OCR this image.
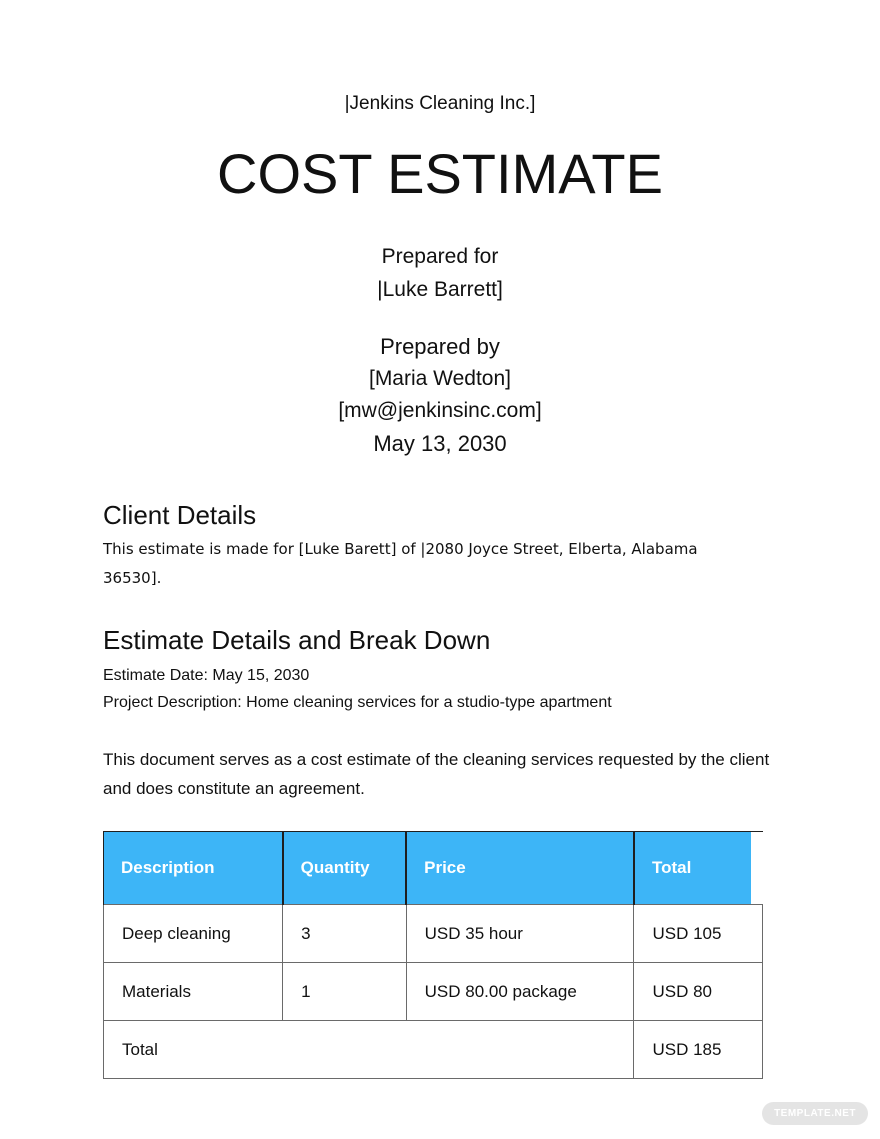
|Jenkins Cleaning Inc.]
COST ESTIMATE
Prepared for
|Luke Barrett]
Prepared by
[Maria Wedton]
[mw@jenkinsinc.com]
May 13, 2030
Client Details
This estimate is made for [Luke Barett] of |2080 Joyce Street, Elberta, Alabama 36530].
Estimate Details and Break Down
Estimate Date: May 15, 2030
Project Description: Home cleaning services for a studio-type apartment
This document serves as a cost estimate of the cleaning services requested by the client and does constitute an agreement.
Description	Quantity	Price	Total
Deep cleaning	3	USD 35 hour	USD 105
Materials	1	USD 80.00 package	USD 80
Total			USD 185
TEMPLATE.NET
